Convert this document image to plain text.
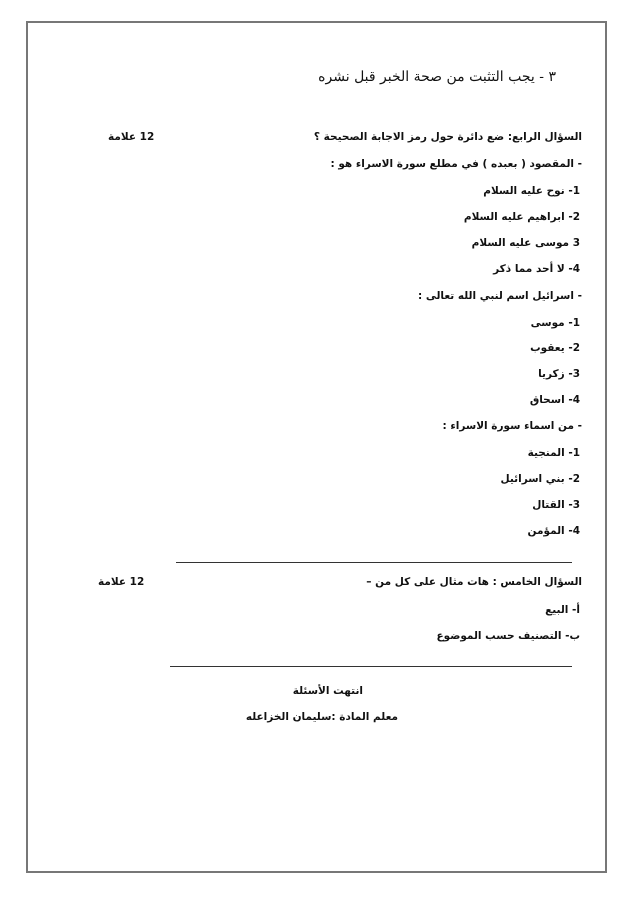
٣ - يجب التثبت من صحة الخبر قبل نشره
السؤال الرابع: ضع دائرة حول رمز الاجابة الصحيحة ؟
12 علامة
- المقصود ( بعبده ) في مطلع سورة الاسراء هو :
1- نوح عليه السلام
2- ابراهيم عليه السلام
3 موسى عليه السلام
4- لا أحد مما ذكر
- اسرائيل اسم لنبي الله تعالى :
1- موسى
2- يعقوب
3- زكريا
4- اسحاق
- من اسماء سورة الاسراء :
1- المنجية
2- بني اسرائيل
3- القتال
4- المؤمن
السؤال الخامس : هات مثال على كل من –
12 علامة
أ- البيع
ب- التصنيف حسب الموضوع
انتهت الأسئلة
معلم المادة :سليمان الخزاعله
